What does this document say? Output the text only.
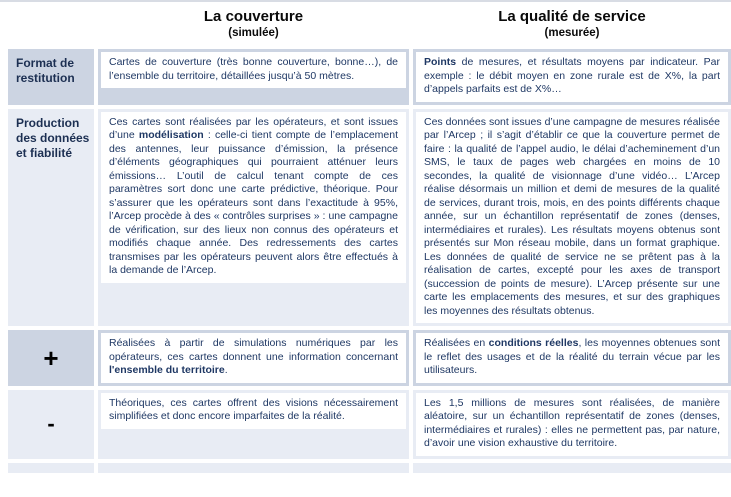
La couverture
(simulée)
La qualité de service
(mesurée)
Format de restitution
Cartes de couverture (très bonne couverture, bonne…), de l’ensemble du territoire, détaillées jusqu’à 50 mètres.
Points de mesures, et résultats moyens par indicateur. Par exemple : le débit moyen en zone rurale est de X%, la part d’appels parfaits est de X%…
Production des données et fiabilité
Ces cartes sont réalisées par les opérateurs, et sont issues d’une modélisation : celle-ci tient compte de l’emplacement des antennes, leur puissance d’émission, la présence d’éléments géographiques qui pourraient atténuer leurs émissions… L’outil de calcul tenant compte de ces paramètres sort donc une carte prédictive, théorique. Pour s’assurer que les opérateurs sont dans l’exactitude à 95%, l’Arcep procède à des « contrôles surprises » : une campagne de vérification, sur des lieux non connus des opérateurs et modifiés chaque année. Des redressements des cartes transmises par les opérateurs peuvent alors être effectués à la demande de l’Arcep.
Ces données sont issues d’une campagne de mesures réalisée par l’Arcep ; il s’agit d’établir ce que la couverture permet de faire : la qualité de l’appel audio, le délai d’acheminement d’un SMS, le taux de pages web chargées en moins de 10 secondes, la qualité de visionnage d’une vidéo… L’Arcep réalise désormais un million et demi de mesures de la qualité de services, durant trois, mois, en des points différents chaque année, sur un échantillon représentatif de zones (denses, intermédiaires et rurales). Les résultats moyens obtenus sont présentés sur Mon réseau mobile, dans un format graphique. Les données de qualité de service ne se prêtent pas à la réalisation de cartes, excepté pour les axes de transport (succession de points de mesure). L’Arcep présente sur une carte les emplacements des mesures, et sur des graphiques les moyennes des résultats obtenus.
+	Réalisées à partir de simulations numériques par les opérateurs, ces cartes donnent une information concernant l'ensemble du territoire.
Réalisées en conditions réelles, les moyennes obtenues sont le reflet des usages et de la réalité du terrain vécue par les utilisateurs.
-
Théoriques, ces cartes offrent des visions nécessairement simplifiées et donc encore imparfaites de la réalité.
Les 1,5 millions de mesures sont réalisées, de manière aléatoire, sur un échantillon représentatif de zones (denses, intermédiaires et rurales) : elles ne permettent pas, par nature, d’avoir une vision exhaustive du territoire.
